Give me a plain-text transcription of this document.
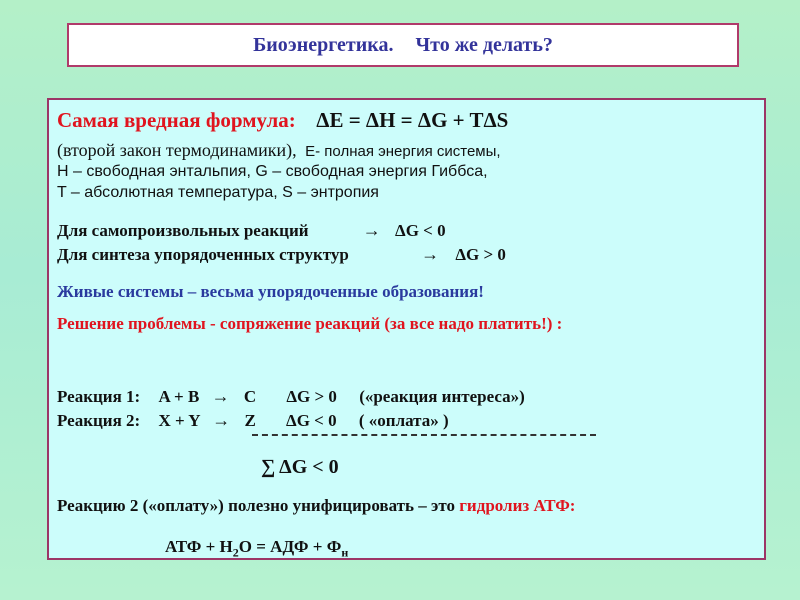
Биоэнергетика. Что же делать?
Самая вредная формула: ΔE = ΔH = ΔG + TΔS
(второй закон термодинамики), E- полная энергия системы,
H – свободная энтальпия, G – свободная энергия Гиббса,
T – абсолютная температура, S – энтропия
Для самопроизвольных реакций	→ ΔG < 0
Для синтеза упорядоченных структур	→ ΔG > 0
Живые системы – весьма упорядоченные образования!
Решение проблемы - сопряжение реакций (за все надо платить!) :
Реакция 1: A + B → C ΔG > 0 («реакция интереса»)
Реакция 2: X + Y → Z ΔG < 0 ( «оплата» )
∑ ΔG < 0
Реакцию 2 («оплату») полезно унифицировать – это гидролиз АТФ:
АТФ + $H_2O$ = АДФ + $Ф_н$
